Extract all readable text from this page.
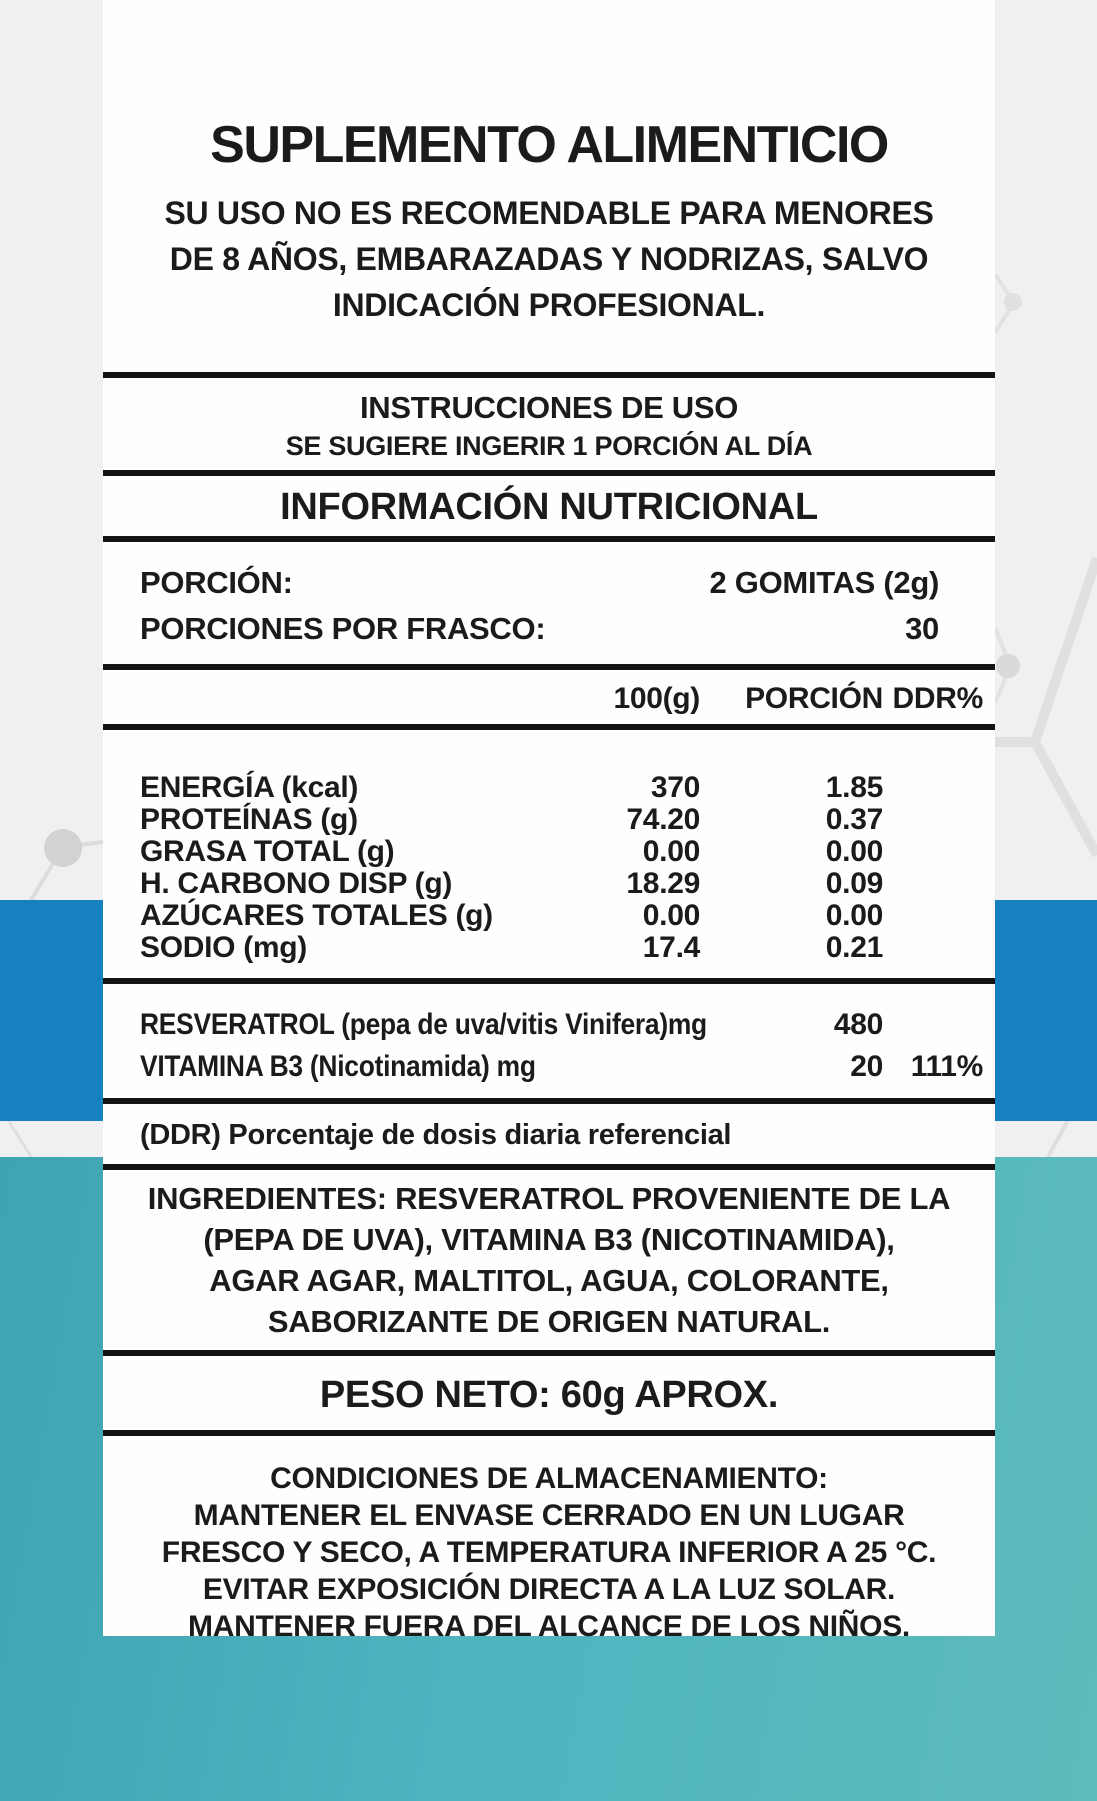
SUPLEMENTO ALIMENTICIO
SU USO NO ES RECOMENDABLE PARA MENORES
DE 8 AÑOS, EMBARAZADAS Y NODRIZAS, SALVO
INDICACIÓN PROFESIONAL.
INSTRUCCIONES DE USO
SE SUGIERE INGERIR 1 PORCIÓN AL DÍA
INFORMACIÓN NUTRICIONAL
PORCIÓN:	2 GOMITAS (2g)
PORCIONES POR FRASCO:	30
100(g)	PORCIÓN DDR%
ENERGÍA (kcal)	370	1.85
PROTEÍNAS (g)	74.20	0.37
GRASA TOTAL (g)	0.00	0.00
H. CARBONO DISP (g)	18.29	0.09
AZÚCARES TOTALES (g)	0.00	0.00
SODIO (mg)	17.4	0.21
RESVERATROL (pepa de uva/vitis Vinifera)mg	480
VITAMINA B3 (Nicotinamida) mg	20 111%
(DDR) Porcentaje de dosis diaria referencial
INGREDIENTES: RESVERATROL PROVENIENTE DE LA
(PEPA DE UVA), VITAMINA B3 (NICOTINAMIDA),
AGAR AGAR, MALTITOL, AGUA, COLORANTE,
SABORIZANTE DE ORIGEN NATURAL.
PESO NETO: 60g APROX.
CONDICIONES DE ALMACENAMIENTO:
MANTENER EL ENVASE CERRADO EN UN LUGAR
FRESCO Y SECO, A TEMPERATURA INFERIOR A 25 °C.
EVITAR EXPOSICIÓN DIRECTA A LA LUZ SOLAR.
MANTENER FUERA DEL ALCANCE DE LOS NIÑOS.
